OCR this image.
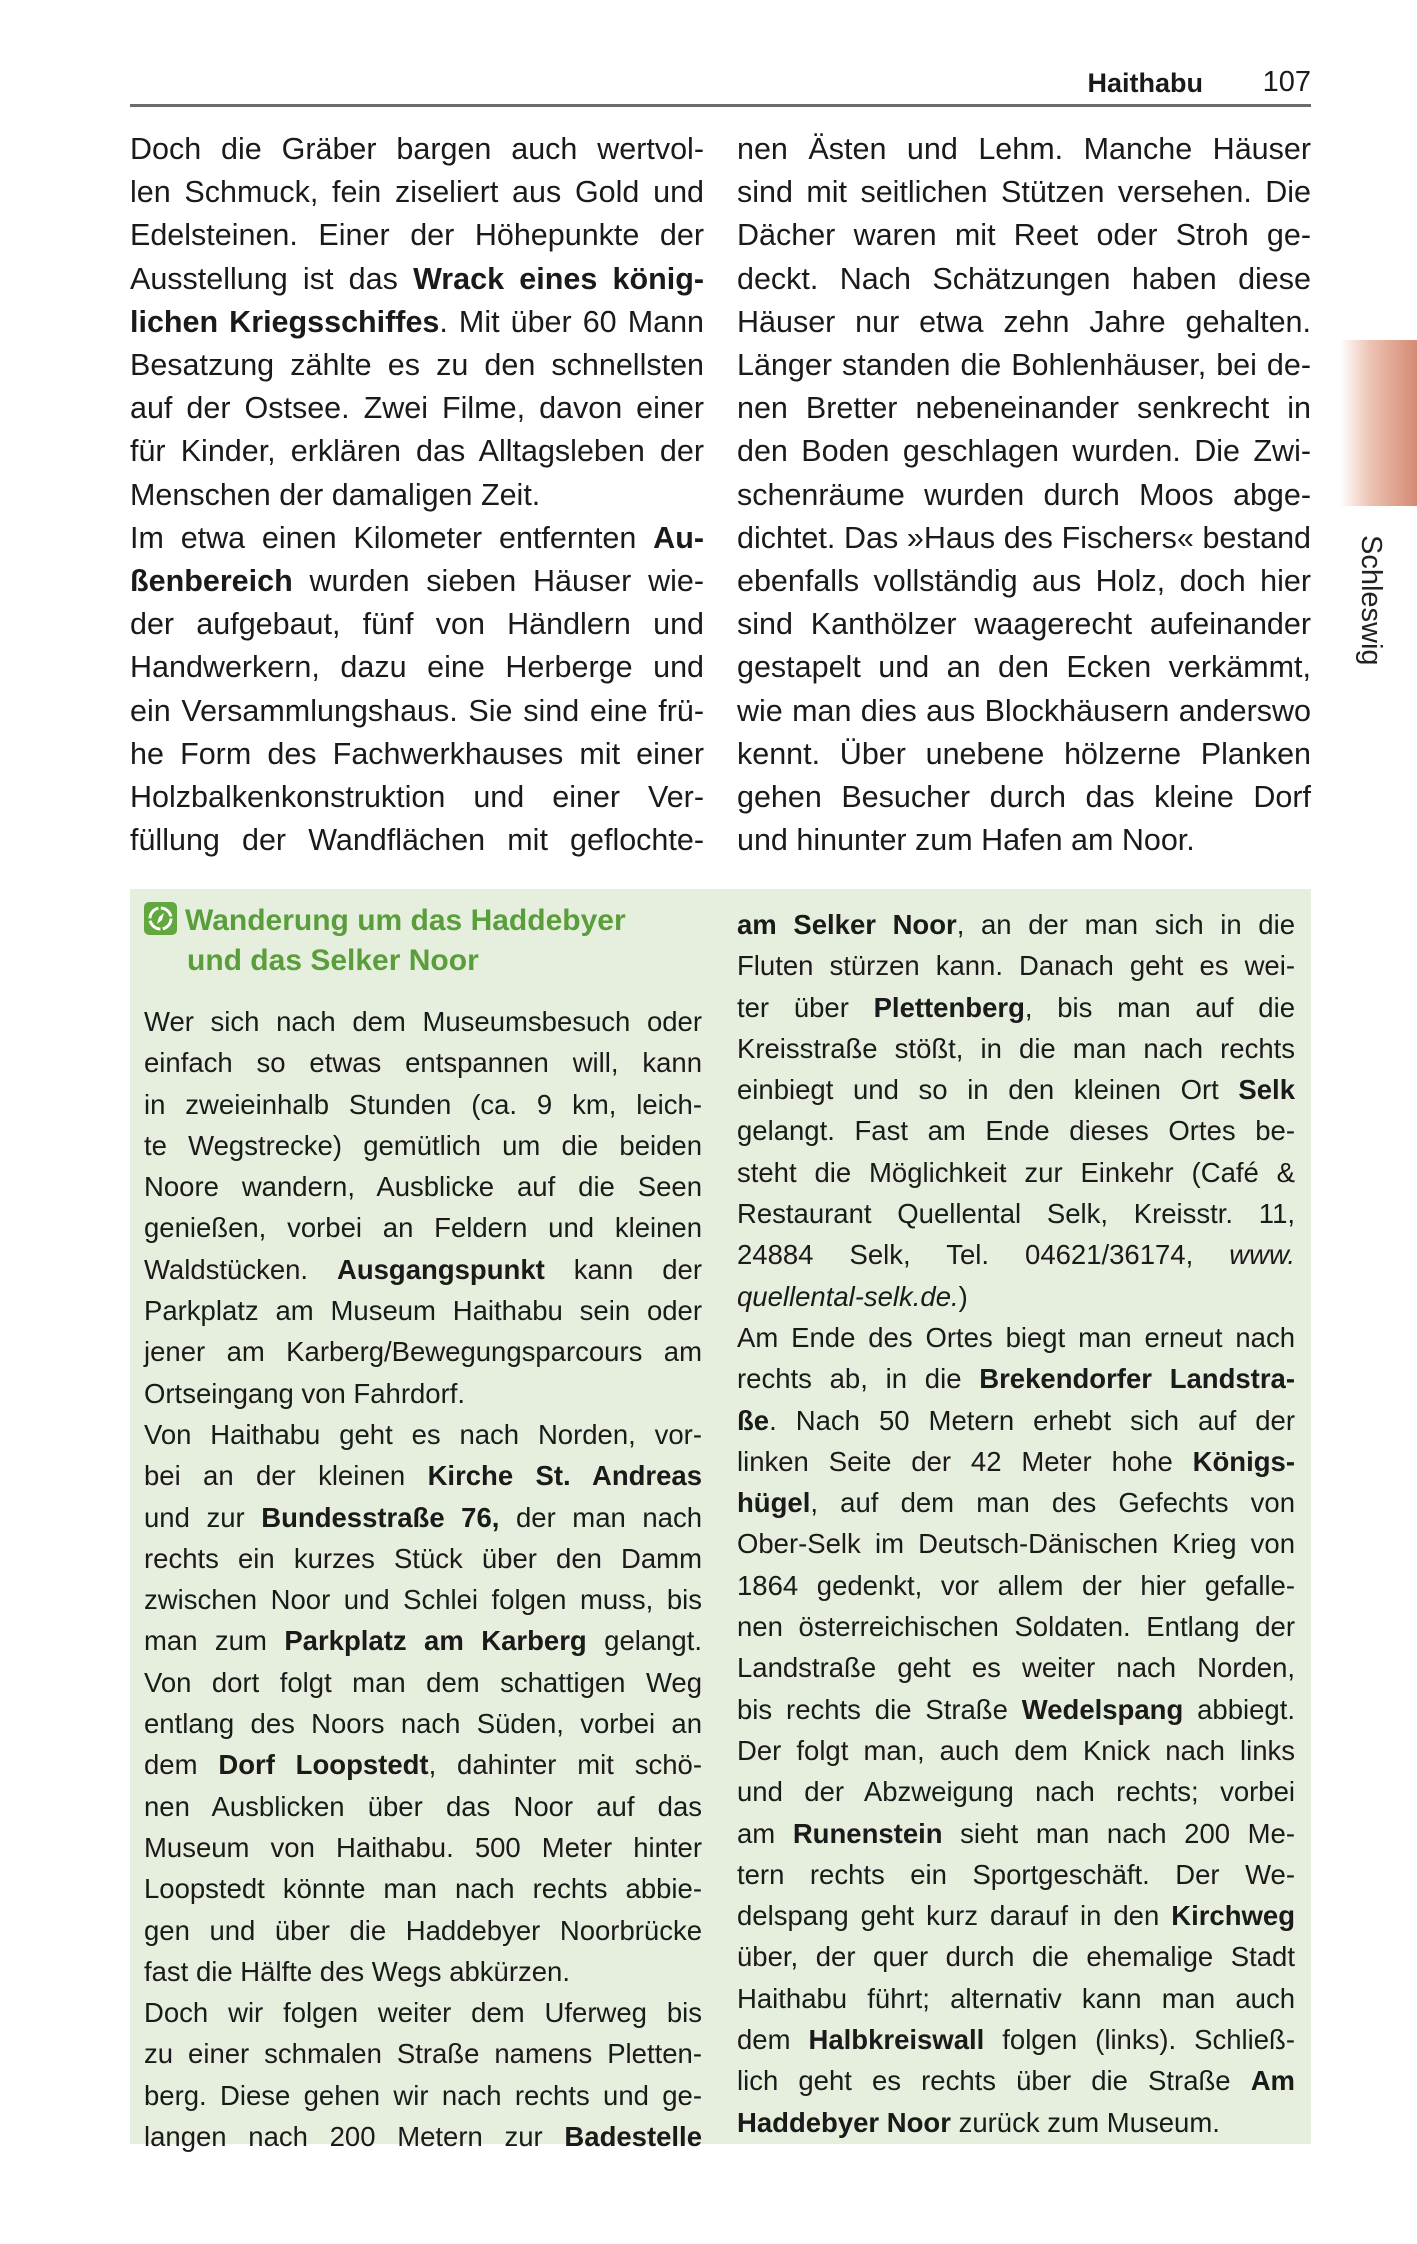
Haithabu 107
Schleswig
Doch die Gräber bargen auch wertvol-
len Schmuck, fein ziseliert aus Gold und
Edelsteinen. Einer der Höhepunkte der
Ausstellung ist das Wrack eines könig-
lichen Kriegsschiffes. Mit über 60 Mann
Besatzung zählte es zu den schnellsten
auf der Ostsee. Zwei Filme, davon einer
für Kinder, erklären das Alltagsleben der
Menschen der damaligen Zeit.
Im etwa einen Kilometer entfernten Au-
ßenbereich wurden sieben Häuser wie-
der aufgebaut, fünf von Händlern und
Handwerkern, dazu eine Herberge und
ein Versammlungshaus. Sie sind eine frü-
he Form des Fachwerkhauses mit einer
Holzbalkenkonstruktion und einer Ver-
füllung der Wandflächen mit geflochte-
nen Ästen und Lehm. Manche Häuser
sind mit seitlichen Stützen versehen. Die
Dächer waren mit Reet oder Stroh ge-
deckt. Nach Schätzungen haben diese
Häuser nur etwa zehn Jahre gehalten.
Länger standen die Bohlenhäuser, bei de-
nen Bretter nebeneinander senkrecht in
den Boden geschlagen wurden. Die Zwi-
schenräume wurden durch Moos abge-
dichtet. Das »Haus des Fischers« bestand
ebenfalls vollständig aus Holz, doch hier
sind Kanthölzer waagerecht aufeinander
gestapelt und an den Ecken verkämmt,
wie man dies aus Blockhäusern anderswo
kennt. Über unebene hölzerne Planken
gehen Besucher durch das kleine Dorf
und hinunter zum Hafen am Noor.
Wanderung um das Haddebyer
und das Selker Noor
Wer sich nach dem Museumsbesuch oder
einfach so etwas entspannen will, kann
in zweieinhalb Stunden (ca. 9 km, leich-
te Wegstrecke) gemütlich um die beiden
Noore wandern, Ausblicke auf die Seen
genießen, vorbei an Feldern und kleinen
Waldstücken. Ausgangspunkt kann der
Parkplatz am Museum Haithabu sein oder
jener am Karberg/Bewegungsparcours am
Ortseingang von Fahrdorf.
Von Haithabu geht es nach Norden, vor-
bei an der kleinen Kirche St. Andreas
und zur Bundesstraße 76, der man nach
rechts ein kurzes Stück über den Damm
zwischen Noor und Schlei folgen muss, bis
man zum Parkplatz am Karberg gelangt.
Von dort folgt man dem schattigen Weg
entlang des Noors nach Süden, vorbei an
dem Dorf Loopstedt, dahinter mit schö-
nen Ausblicken über das Noor auf das
Museum von Haithabu. 500 Meter hinter
Loopstedt könnte man nach rechts abbie-
gen und über die Haddebyer Noorbrücke
fast die Hälfte des Wegs abkürzen.
Doch wir folgen weiter dem Uferweg bis
zu einer schmalen Straße namens Pletten-
berg. Diese gehen wir nach rechts und ge-
langen nach 200 Metern zur Badestelle
am Selker Noor, an der man sich in die
Fluten stürzen kann. Danach geht es wei-
ter über Plettenberg, bis man auf die
Kreisstraße stößt, in die man nach rechts
einbiegt und so in den kleinen Ort Selk
gelangt. Fast am Ende dieses Ortes be-
steht die Möglichkeit zur Einkehr (Café &
Restaurant Quellental Selk, Kreisstr. 11,
24884 Selk, Tel. 04621/36174, www.
quellental-selk.de.)
Am Ende des Ortes biegt man erneut nach
rechts ab, in die Brekendorfer Landstra-
ße. Nach 50 Metern erhebt sich auf der
linken Seite der 42 Meter hohe Königs-
hügel, auf dem man des Gefechts von
Ober-Selk im Deutsch-Dänischen Krieg von
1864 gedenkt, vor allem der hier gefalle-
nen österreichischen Soldaten. Entlang der
Landstraße geht es weiter nach Norden,
bis rechts die Straße Wedelspang abbiegt.
Der folgt man, auch dem Knick nach links
und der Abzweigung nach rechts; vorbei
am Runenstein sieht man nach 200 Me-
tern rechts ein Sportgeschäft. Der We-
delspang geht kurz darauf in den Kirchweg
über, der quer durch die ehemalige Stadt
Haithabu führt; alternativ kann man auch
dem Halbkreiswall folgen (links). Schließ-
lich geht es rechts über die Straße Am
Haddebyer Noor zurück zum Museum.
